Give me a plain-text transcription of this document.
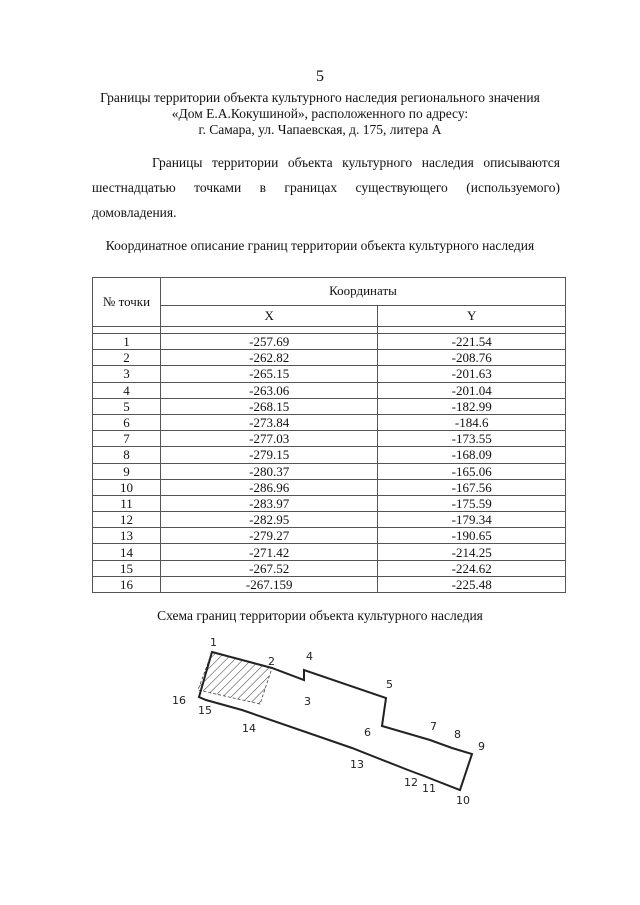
5
Границы территории объекта культурного наследия регионального значения
«Дом Е.А.Кокушиной», расположенного по адресу:
г. Самара, ул. Чапаевская, д. 175, литера А
Границы территории объекта культурного наследия описываются
шестнадцатью точками в границах существующего (используемого)
домовладения.
Координатное описание границ территории объекта культурного наследия
№ точки	Координаты	
	X	Y

1	-257.69	-221.54
2	-262.82	-208.76
3	-265.15	-201.63
4	-263.06	-201.04
5	-268.15	-182.99
6	-273.84	-184.6
7	-277.03	-173.55
8	-279.15	-168.09
9	-280.37	-165.06
10	-286.96	-167.56
11	-283.97	-175.59
12	-282.95	-179.34
13	-279.27	-190.65
14	-271.42	-214.25
15	-267.52	-224.62
16	-267.159	-225.48
Схема границ территории объекта культурного наследия
1
2
3
4
5
6	7
8
9
10
11
12
13
14
15
16
